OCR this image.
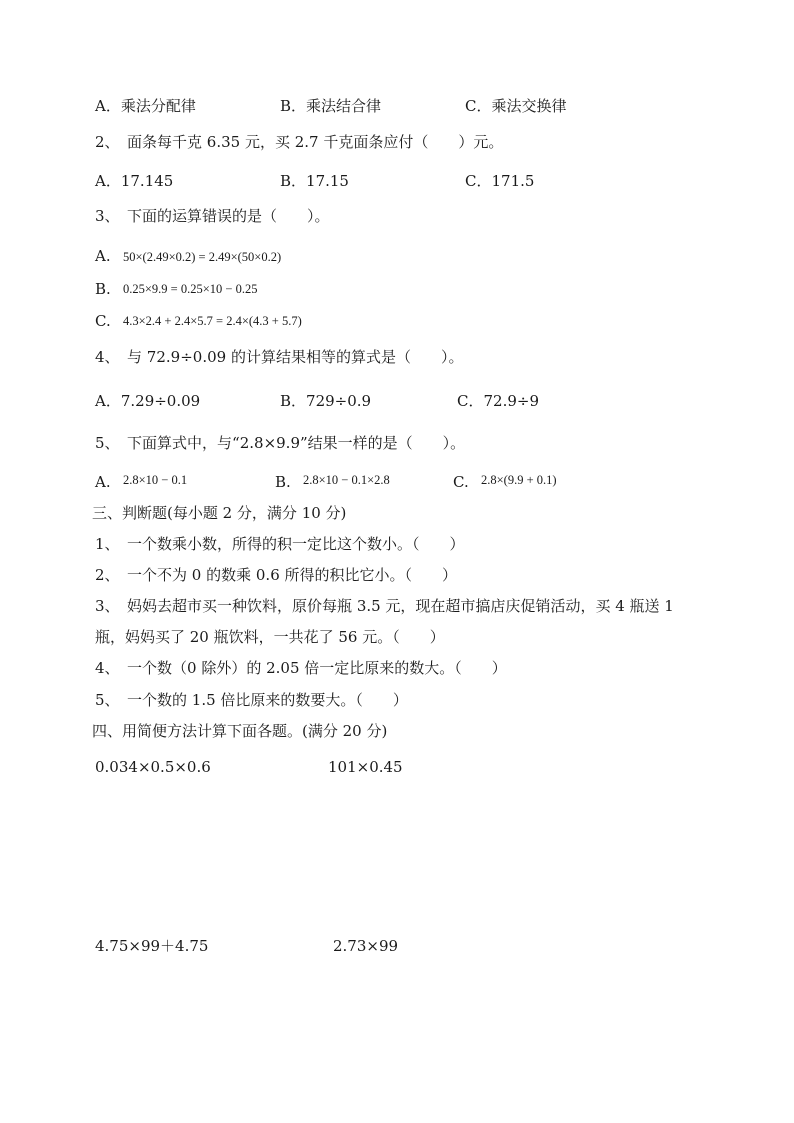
A．乘法分配律	B．乘法结合律	C．乘法交换律
2、　面条每千克 6.35 元，买 2.7 千克面条应付（　　）元。
A．17.145	B．17.15	C．171.5
3、　下面的运算错误的是（　　）。
A. 50×(2.49×0.2) = 2.49×(50×0.2)
B. 0.25×9.9 = 0.25×10 − 0.25
C. 4.3×2.4 + 2.4×5.7 = 2.4×(4.3 + 5.7)
4、　与 72.9÷0.09 的计算结果相等的算式是（　　）。
A．7.29÷0.09	B．729÷0.9	C．72.9÷9
5、　下面算式中，与“2.8×9.9”结果一样的是（　　）。
A. 2.8×10 − 0.1	B. 2.8×10 − 0.1×2.8	C. 2.8×(9.9 + 0.1)
三、判断题(每小题 2 分，满分 10 分)
1、　一个数乘小数，所得的积一定比这个数小。（　　）
2、　一个不为 0 的数乘 0.6 所得的积比它小。（　　）
3、　妈妈去超市买一种饮料，原价每瓶 3.5 元，现在超市搞店庆促销活动，买 4 瓶送 1
瓶，妈妈买了 20 瓶饮料，一共花了 56 元。（　　）
4、　一个数（0 除外）的 2.05 倍一定比原来的数大。（　　）
5、　一个数的 1.5 倍比原来的数要大。（　　）
四、用简便方法计算下面各题。(满分 20 分)
0.034×0.5×0.6	101×0.45
4.75×99＋4.75	2.73×99
